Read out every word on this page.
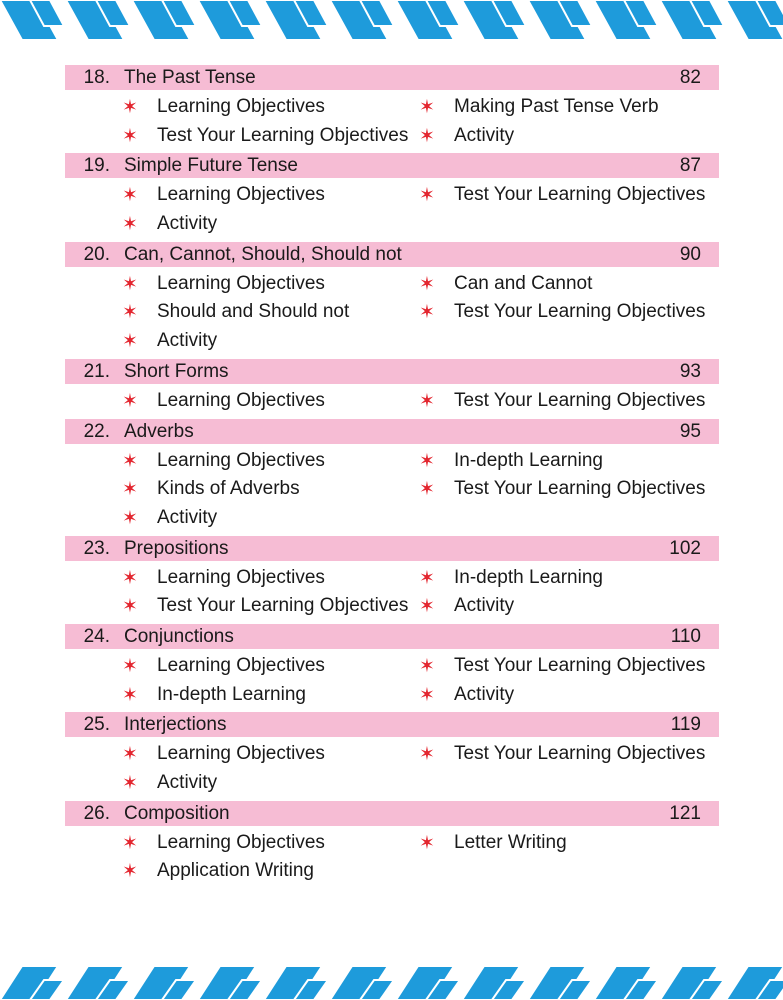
18. The Past Tense	82
✶ Learning Objectives	✶ Making Past Tense Verb
✶ Test Your Learning Objectives ✶ Activity
19. Simple Future Tense	87
✶ Learning Objectives	✶ Test Your Learning Objectives
✶ Activity
20. Can, Cannot, Should, Should not	90
✶ Learning Objectives	✶ Can and Cannot
✶ Should and Should not	✶ Test Your Learning Objectives
✶ Activity
21. Short Forms	93
✶ Learning Objectives	✶ Test Your Learning Objectives
22. Adverbs	95
✶ Learning Objectives	✶ In-depth Learning
✶ Kinds of Adverbs	✶ Test Your Learning Objectives
✶ Activity
23. Prepositions	102
✶ Learning Objectives	✶ In-depth Learning
✶ Test Your Learning Objectives ✶ Activity
24. Conjunctions	110
✶ Learning Objectives	✶ Test Your Learning Objectives
✶ In-depth Learning	✶ Activity
25. Interjections	119
✶ Learning Objectives	✶ Test Your Learning Objectives
✶ Activity
26. Composition	121
✶ Learning Objectives	✶ Letter Writing
✶ Application Writing
